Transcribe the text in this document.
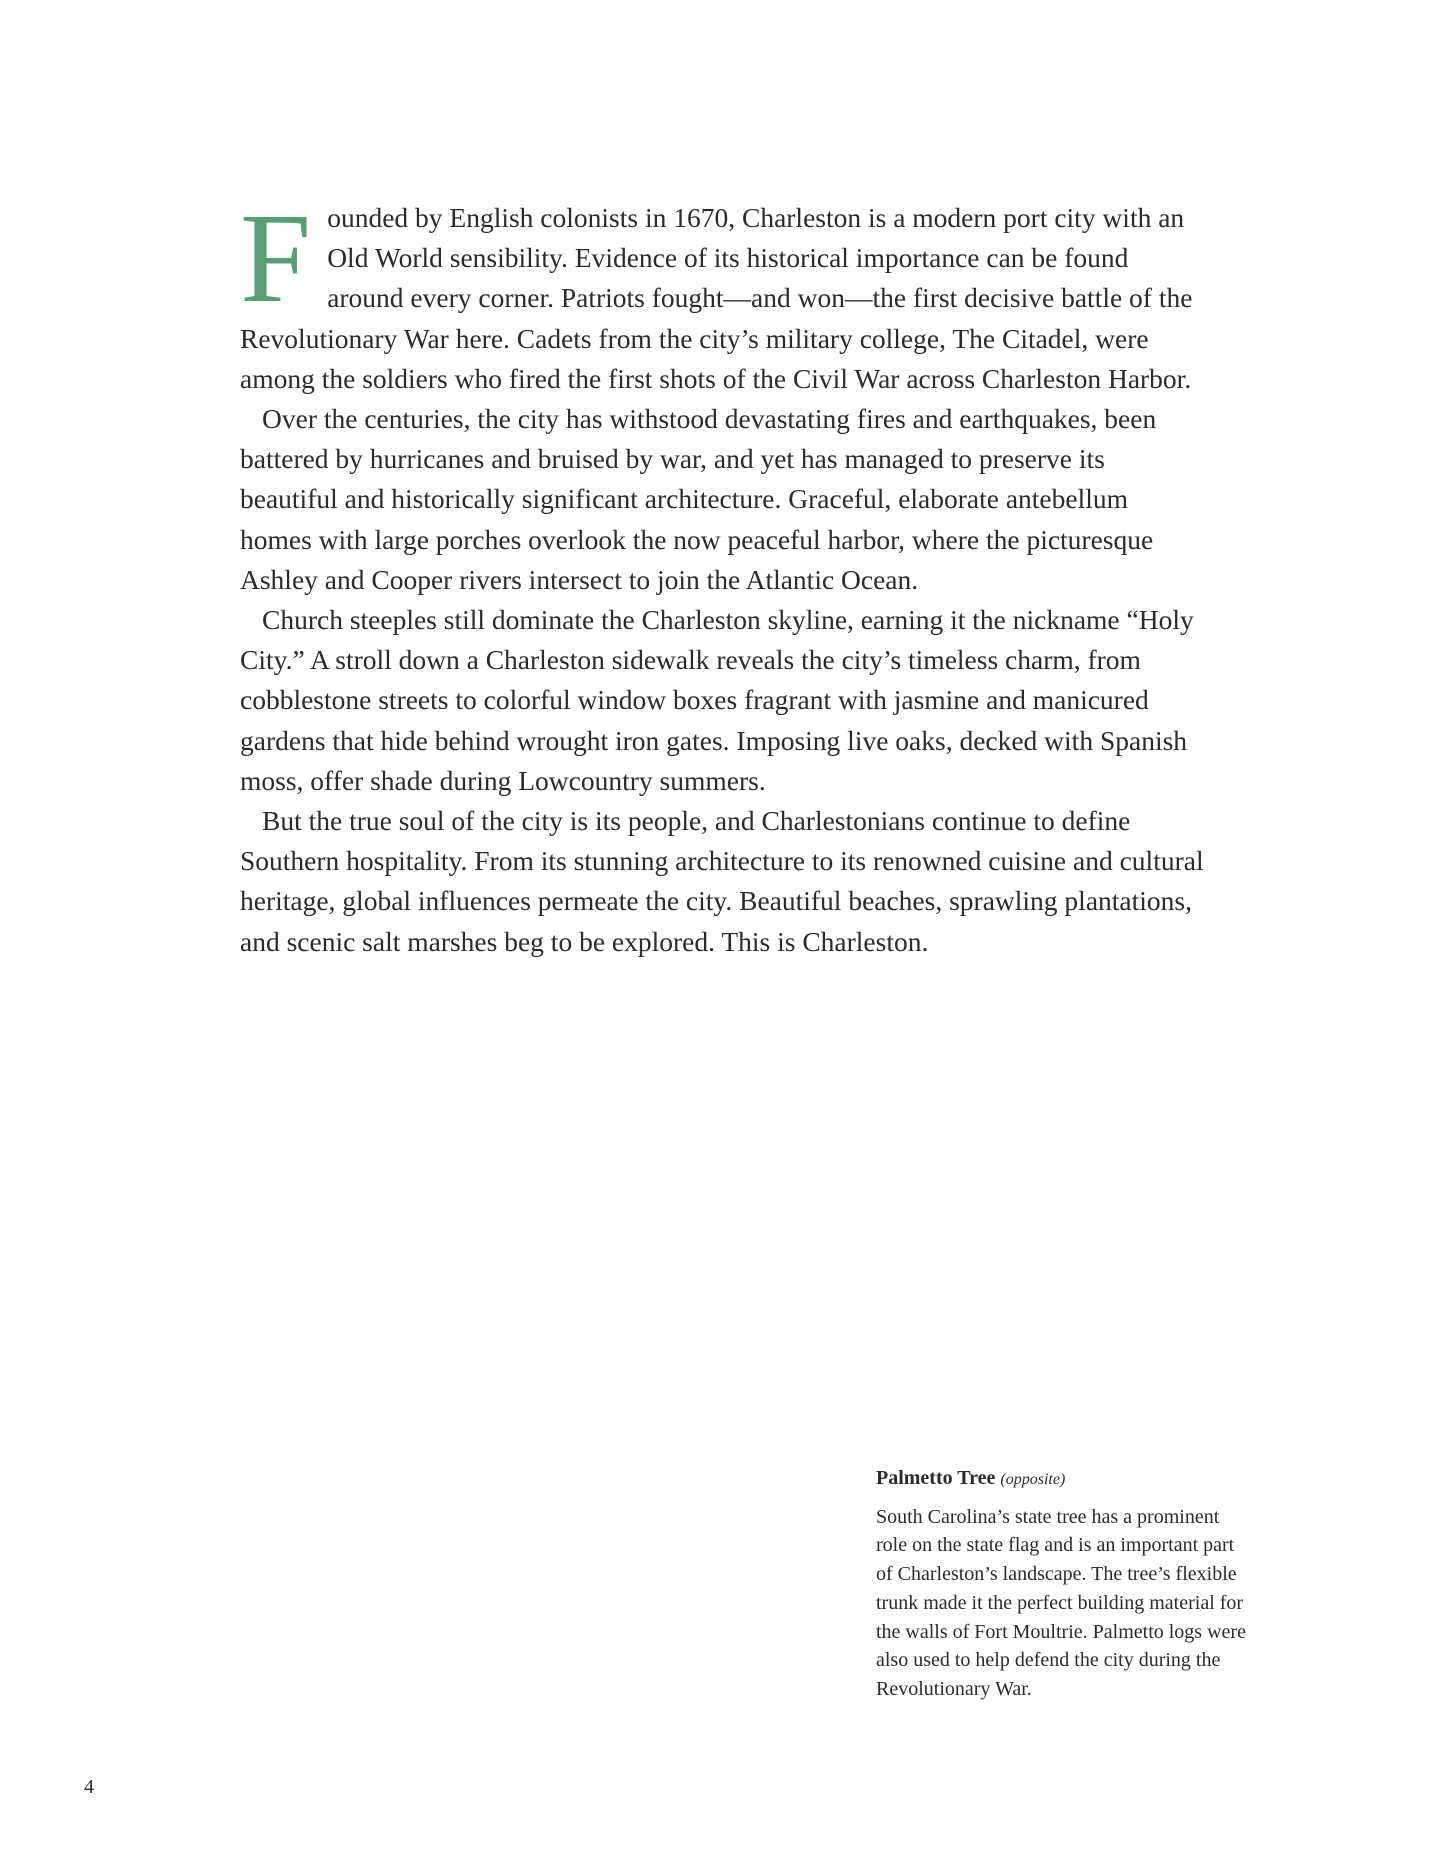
Founded by English colonists in 1670, Charleston is a modern port city with an Old World sensibility. Evidence of its historical importance can be found around every corner. Patriots fought—and won—the first decisive battle of the Revolutionary War here. Cadets from the city’s military college, The Citadel, were among the soldiers who fired the first shots of the Civil War across Charleston Harbor.

Over the centuries, the city has withstood devastating fires and earthquakes, been battered by hurricanes and bruised by war, and yet has managed to preserve its beautiful and historically significant architecture. Graceful, elaborate antebellum homes with large porches overlook the now peaceful harbor, where the picturesque Ashley and Cooper rivers intersect to join the Atlantic Ocean.

Church steeples still dominate the Charleston skyline, earning it the nickname “Holy City.” A stroll down a Charleston sidewalk reveals the city’s timeless charm, from cobblestone streets to colorful window boxes fragrant with jasmine and manicured gardens that hide behind wrought iron gates. Imposing live oaks, decked with Spanish moss, offer shade during Lowcountry summers.

But the true soul of the city is its people, and Charlestonians continue to define Southern hospitality. From its stunning architecture to its renowned cuisine and cultural heritage, global influences permeate the city. Beautiful beaches, sprawling plantations, and scenic salt marshes beg to be explored. This is Charleston.

Palmetto Tree (opposite)

South Carolina’s state tree has a prominent role on the state flag and is an important part of Charleston’s landscape. The tree’s flexible trunk made it the perfect building material for the walls of Fort Moultrie. Palmetto logs were also used to help defend the city during the Revolutionary War.

4
